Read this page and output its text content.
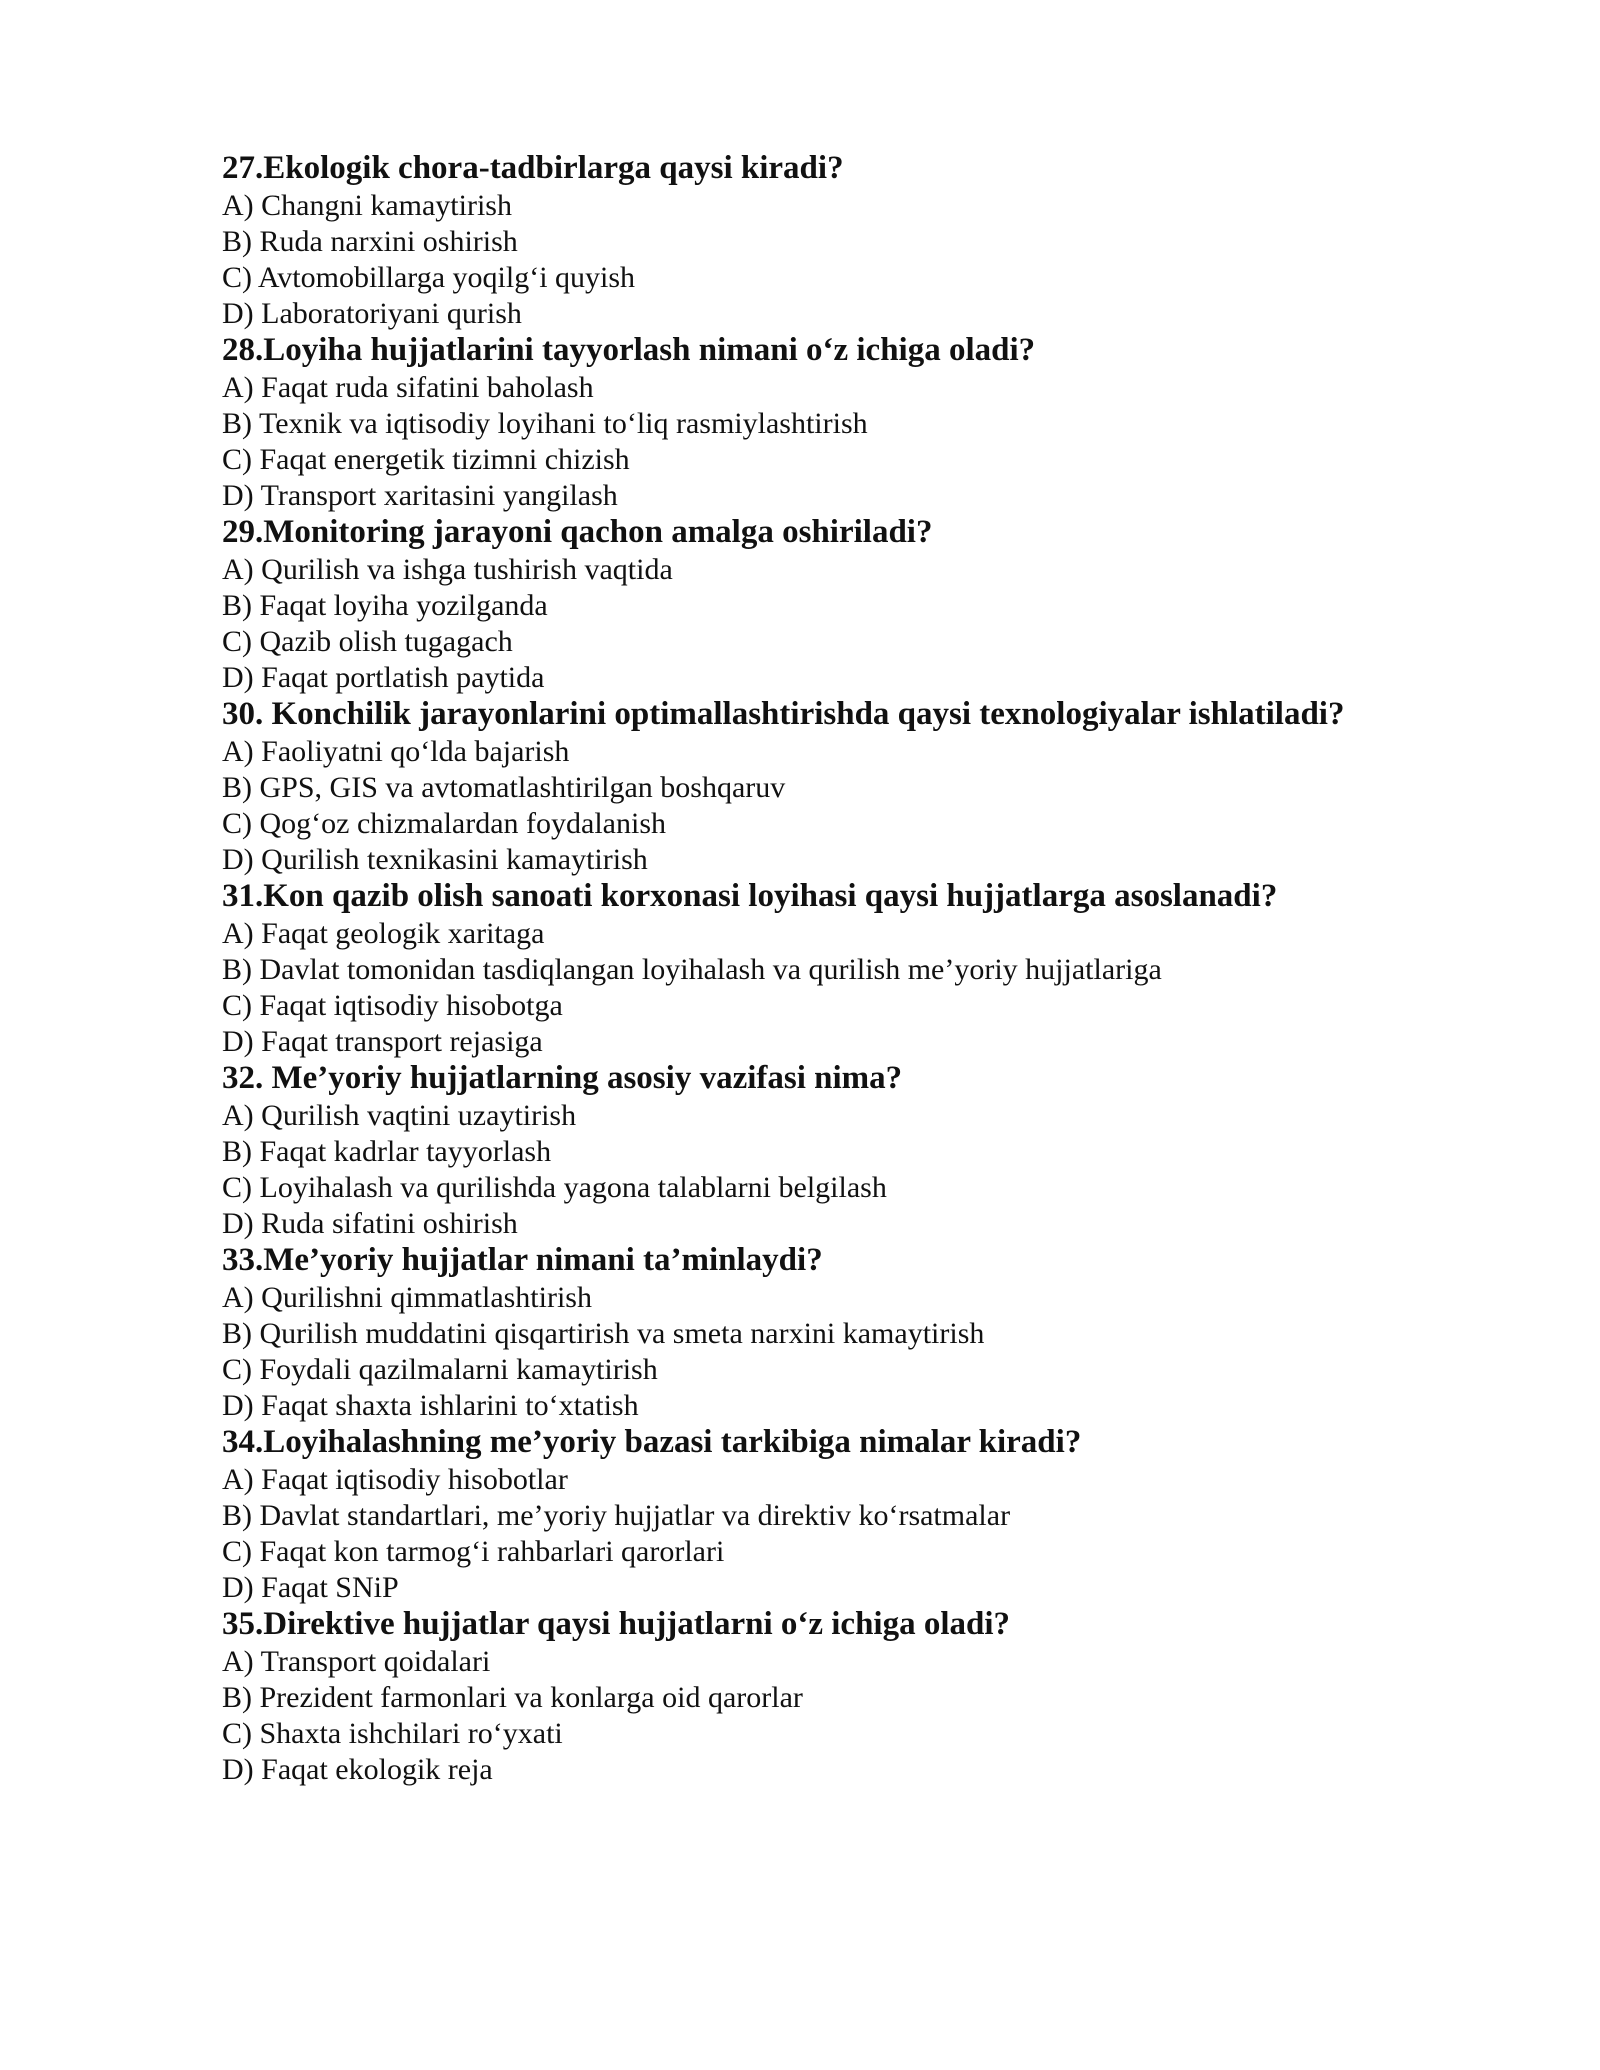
27.Ekologik chora-tadbirlarga qaysi kiradi?
A) Changni kamaytirish
B) Ruda narxini oshirish
C) Avtomobillarga yoqilg‘i quyish
D) Laboratoriyani qurish
28.Loyiha hujjatlarini tayyorlash nimani o‘z ichiga oladi?
A) Faqat ruda sifatini baholash
B) Texnik va iqtisodiy loyihani to‘liq rasmiylashtirish
C) Faqat energetik tizimni chizish
D) Transport xaritasini yangilash
29.Monitoring jarayoni qachon amalga oshiriladi?
A) Qurilish va ishga tushirish vaqtida
B) Faqat loyiha yozilganda
C) Qazib olish tugagach
D) Faqat portlatish paytida
30. Konchilik jarayonlarini optimallashtirishda qaysi texnologiyalar ishlatiladi?
A) Faoliyatni qo‘lda bajarish
B) GPS, GIS va avtomatlashtirilgan boshqaruv
C) Qog‘oz chizmalardan foydalanish
D) Qurilish texnikasini kamaytirish
31.Kon qazib olish sanoati korxonasi loyihasi qaysi hujjatlarga asoslanadi?
A) Faqat geologik xaritaga
B) Davlat tomonidan tasdiqlangan loyihalash va qurilish me’yoriy hujjatlariga
C) Faqat iqtisodiy hisobotga
D) Faqat transport rejasiga
32. Me’yoriy hujjatlarning asosiy vazifasi nima?
A) Qurilish vaqtini uzaytirish
B) Faqat kadrlar tayyorlash
C) Loyihalash va qurilishda yagona talablarni belgilash
D) Ruda sifatini oshirish
33.Me’yoriy hujjatlar nimani ta’minlaydi?
A) Qurilishni qimmatlashtirish
B) Qurilish muddatini qisqartirish va smeta narxini kamaytirish
C) Foydali qazilmalarni kamaytirish
D) Faqat shaxta ishlarini to‘xtatish
34.Loyihalashning me’yoriy bazasi tarkibiga nimalar kiradi?
A) Faqat iqtisodiy hisobotlar
B) Davlat standartlari, me’yoriy hujjatlar va direktiv ko‘rsatmalar
C) Faqat kon tarmog‘i rahbarlari qarorlari
D) Faqat SNiP
35.Direktive hujjatlar qaysi hujjatlarni o‘z ichiga oladi?
A) Transport qoidalari
B) Prezident farmonlari va konlarga oid qarorlar
C) Shaxta ishchilari ro‘yxati
D) Faqat ekologik reja
